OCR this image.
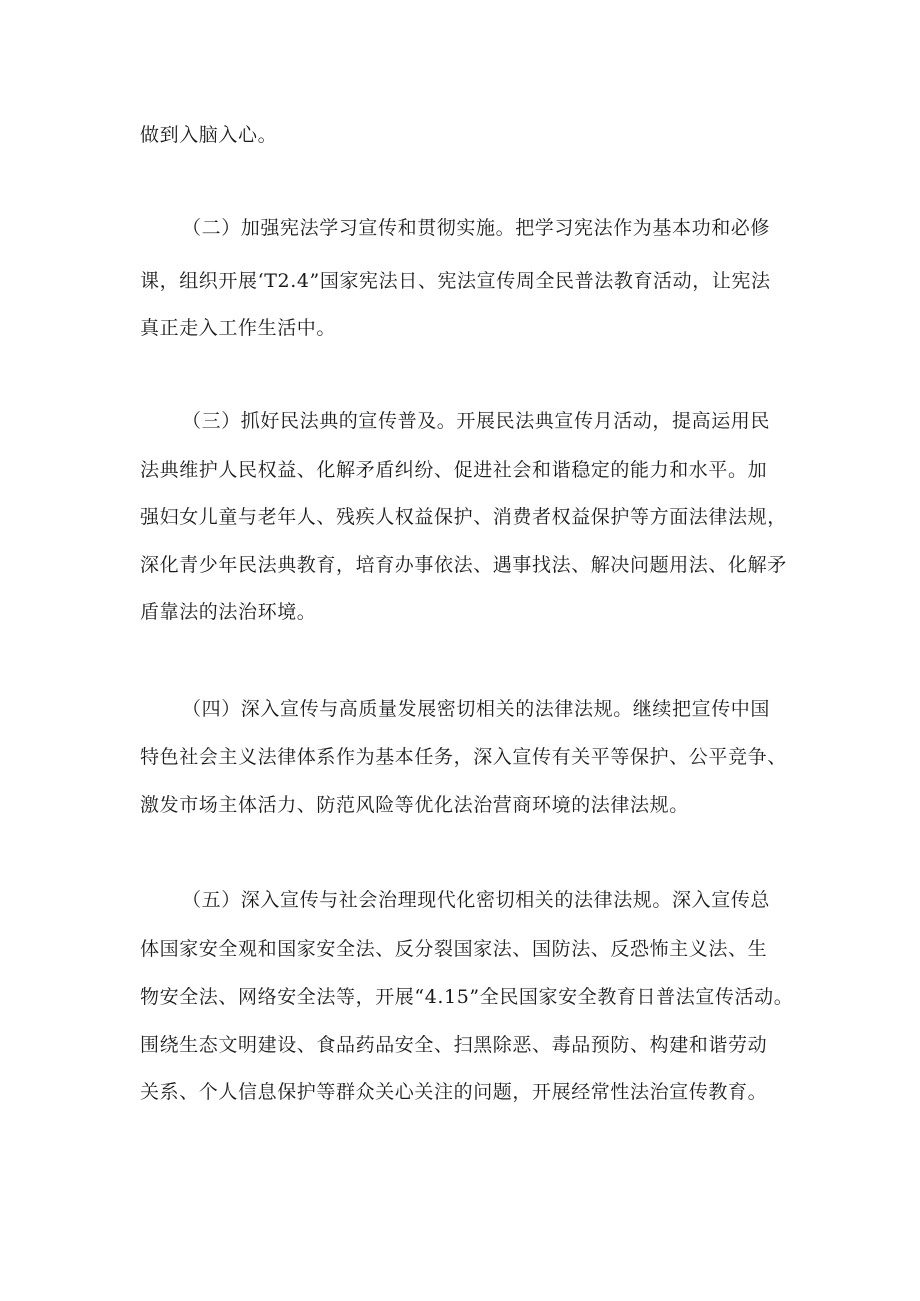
做到入脑入心。
（二）加强宪法学习宣传和贯彻实施。把学习宪法作为基本功和必修
课，组织开展‘T2.4”国家宪法日、宪法宣传周全民普法教育活动，让宪法
真正走入工作生活中。
（三）抓好民法典的宣传普及。开展民法典宣传月活动，提高运用民
法典维护人民权益、化解矛盾纠纷、促进社会和谐稳定的能力和水平。加
强妇女儿童与老年人、残疾人权益保护、消费者权益保护等方面法律法规，
深化青少年民法典教育，培育办事依法、遇事找法、解决问题用法、化解矛
盾靠法的法治环境。
（四）深入宣传与高质量发展密切相关的法律法规。继续把宣传中国
特色社会主义法律体系作为基本任务，深入宣传有关平等保护、公平竞争、
激发市场主体活力、防范风险等优化法治营商环境的法律法规。
（五）深入宣传与社会治理现代化密切相关的法律法规。深入宣传总
体国家安全观和国家安全法、反分裂国家法、国防法、反恐怖主义法、生
物安全法、网络安全法等，开展“4.15”全民国家安全教育日普法宣传活动。
围绕生态文明建设、食品药品安全、扫黑除恶、毒品预防、构建和谐劳动
关系、个人信息保护等群众关心关注的问题，开展经常性法治宣传教育。
